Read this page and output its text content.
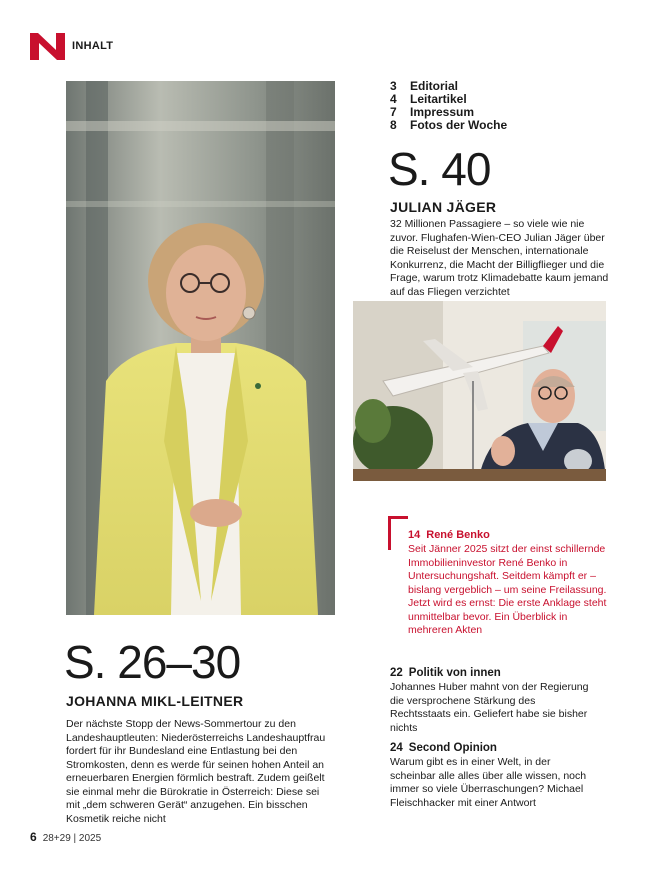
INHALT
3	Editorial
4	Leitartikel
7	Impressum
8	Fotos der Woche
S. 40
JULIAN JÄGER
32 Millionen Passagiere – so viele wie nie zuvor. Flughafen-Wien-CEO Julian Jäger über die Reiselust der Menschen, internationale Konkurrenz, die Macht der Billigflieger und die Frage, warum trotz Klimadebatte kaum jemand auf das Fliegen verzichtet
14 René Benko
Seit Jänner 2025 sitzt der einst schillernde Immobilieninvestor René Benko in Untersuchungshaft. Seitdem kämpft er – bislang vergeblich – um seine Freilassung. Jetzt wird es ernst: Die erste Anklage steht unmittelbar bevor. Ein Überblick in mehreren Akten
S. 26–30
JOHANNA MIKL-LEITNER
Der nächste Stopp der News-Sommertour zu den Landeshauptleuten: Niederösterreichs Landeshauptfrau fordert für ihr Bundesland eine Entlastung bei den Stromkosten, denn es werde für seinen hohen Anteil an erneuerbaren Energien förmlich bestraft. Zudem geißelt sie einmal mehr die Bürokratie in Österreich: Diese sei mit „dem schweren Gerät“ anzugehen. Ein bisschen Kosmetik reiche nicht
22 Politik von innen
Johannes Huber mahnt von der Regierung die versprochene Stärkung des Rechtsstaats ein. Geliefert habe sie bisher nichts
24 Second Opinion
Warum gibt es in einer Welt, in der scheinbar alle alles über alle wissen, noch immer so viele Überraschungen? Michael Fleischhacker mit einer Antwort
6 28+29 | 2025
